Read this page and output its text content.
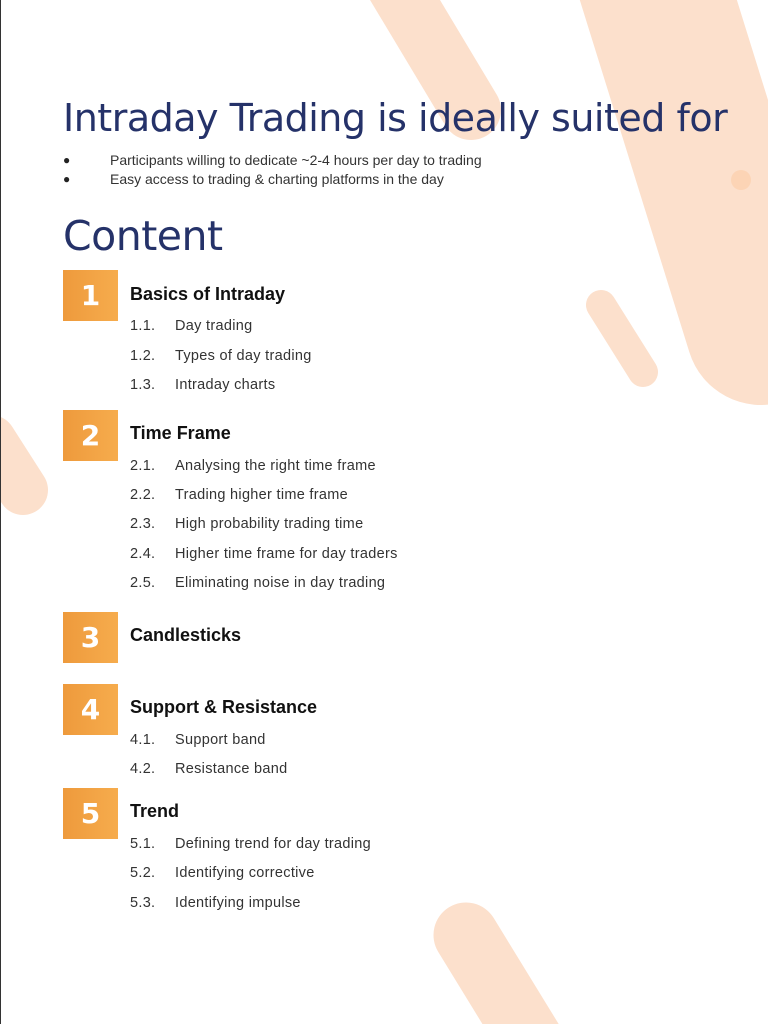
Intraday Trading is ideally suited for
●	Participants willing to dedicate ~2-4 hours per day to trading
●	Easy access to trading & charting platforms in the day
Content
1	Basics of Intraday
1.1. Day trading
1.2. Types of day trading
1.3. Intraday charts
2	Time Frame
2.1. Analysing the right time frame
2.2. Trading higher time frame
2.3. High probability trading time
2.4. Higher time frame for day traders
2.5. Eliminating noise in day trading
3	Candlesticks
4	Support & Resistance
4.1. Support band
4.2. Resistance band
5	Trend
5.1. Defining trend for day trading
5.2. Identifying corrective
5.3. Identifying impulse
